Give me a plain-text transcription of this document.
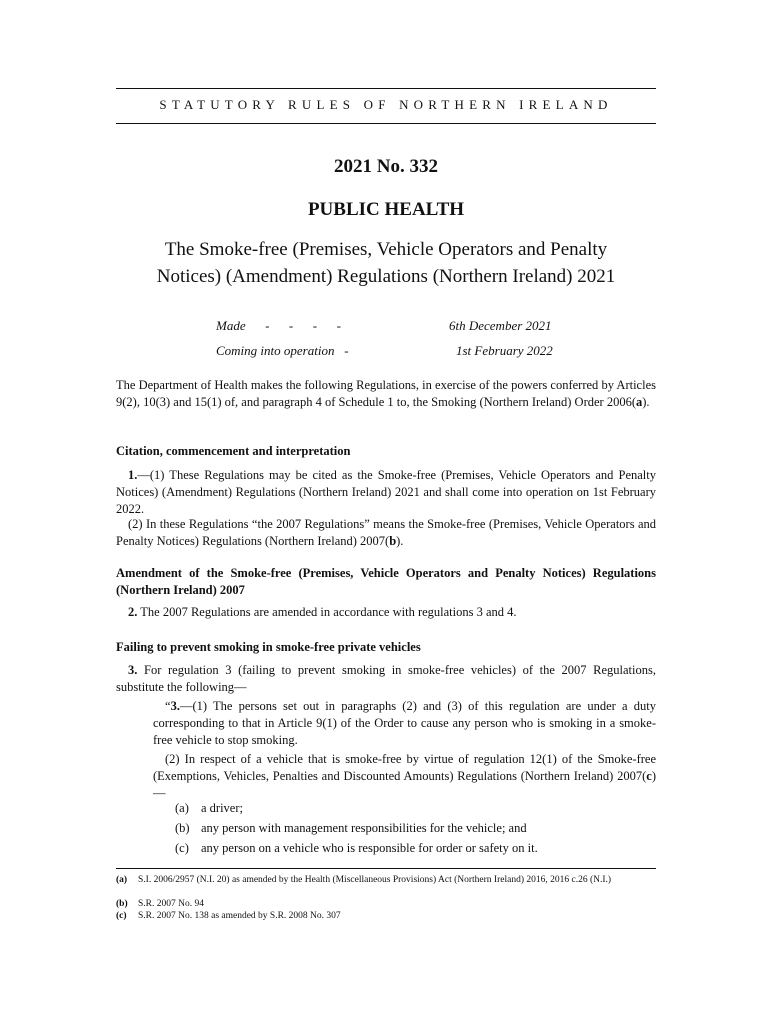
STATUTORY RULES OF NORTHERN IRELAND
2021 No. 332
PUBLIC HEALTH
The Smoke-free (Premises, Vehicle Operators and Penalty
Notices) (Amendment) Regulations (Northern Ireland) 2021
Made      -      -      -      -	6th December 2021
Coming into operation   -	1st February 2022
The Department of Health makes the following Regulations, in exercise of the powers conferred by Articles 9(2), 10(3) and 15(1) of, and paragraph 4 of Schedule 1 to, the Smoking (Northern Ireland) Order 2006(a).
Citation, commencement and interpretation
1.—(1) These Regulations may be cited as the Smoke-free (Premises, Vehicle Operators and Penalty Notices) (Amendment) Regulations (Northern Ireland) 2021 and shall come into operation on 1st February 2022.
(2) In these Regulations “the 2007 Regulations” means the Smoke-free (Premises, Vehicle Operators and Penalty Notices) Regulations (Northern Ireland) 2007(b).
Amendment of the Smoke-free (Premises, Vehicle Operators and Penalty Notices) Regulations (Northern Ireland) 2007
2. The 2007 Regulations are amended in accordance with regulations 3 and 4.
Failing to prevent smoking in smoke-free private vehicles
3. For regulation 3 (failing to prevent smoking in smoke-free vehicles) of the 2007 Regulations, substitute the following—
“3.—(1) The persons set out in paragraphs (2) and (3) of this regulation are under a duty corresponding to that in Article 9(1) of the Order to cause any person who is smoking in a smoke-free vehicle to stop smoking.
(2) In respect of a vehicle that is smoke-free by virtue of regulation 12(1) of the Smoke-free (Exemptions, Vehicles, Penalties and Discounted Amounts) Regulations (Northern Ireland) 2007(c)—
(a) a driver;
(b) any person with management responsibilities for the vehicle; and
(c) any person on a vehicle who is responsible for order or safety on it.
(a) S.I. 2006/2957 (N.I. 20) as amended by the Health (Miscellaneous Provisions) Act (Northern Ireland) 2016, 2016 c.26 (N.I.)
(b) S.R. 2007 No. 94
(c) S.R. 2007 No. 138 as amended by S.R. 2008 No. 307
